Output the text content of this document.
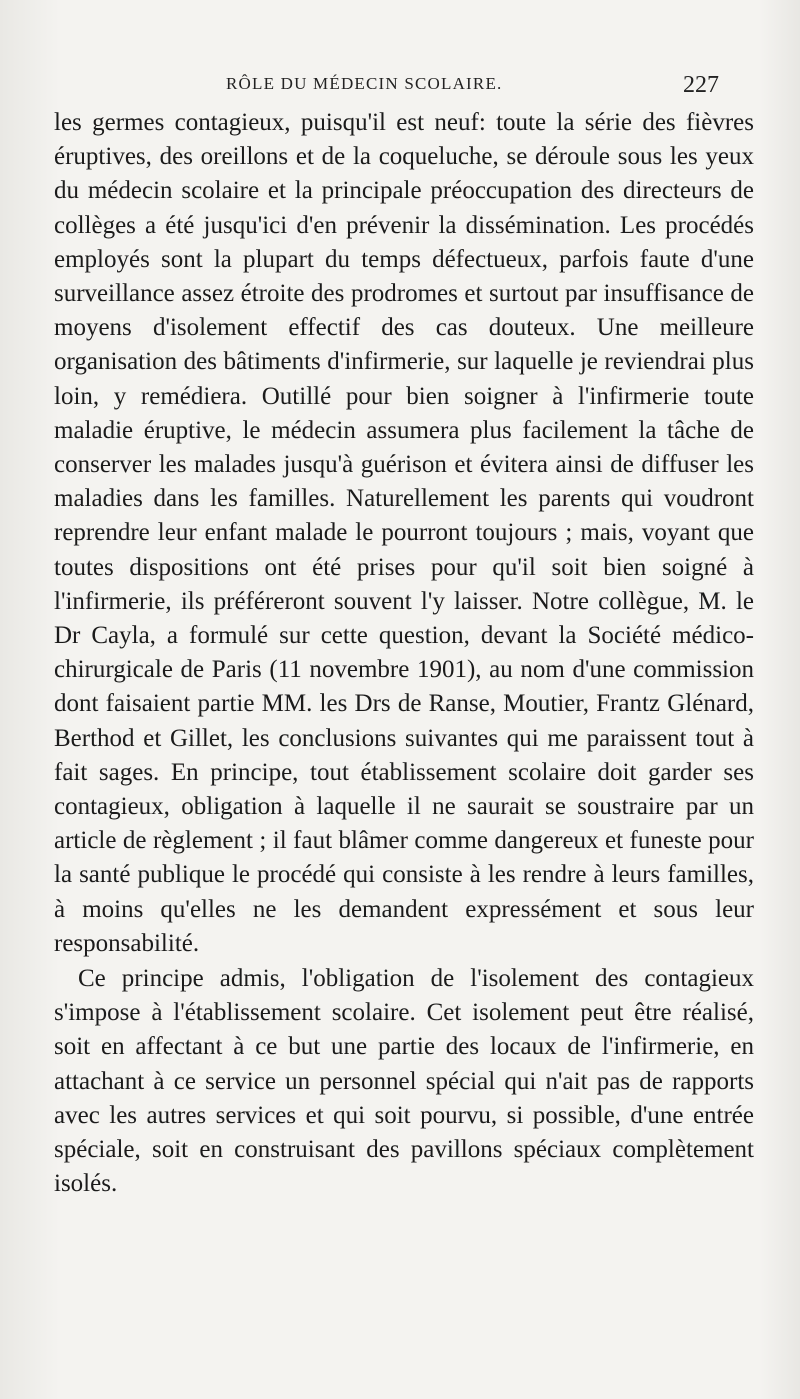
RÔLE DU MÉDECIN SCOLAIRE.	227

les germes contagieux, puisqu'il est neuf: toute la série des fièvres éruptives, des oreillons et de la coqueluche, se déroule sous les yeux du médecin scolaire et la principale préoccupation des directeurs de collèges a été jusqu'ici d'en prévenir la dissémination. Les procédés employés sont la plupart du temps défectueux, parfois faute d'une surveillance assez étroite des prodromes et surtout par insuffisance de moyens d'isolement effectif des cas douteux. Une meilleure organisation des bâtiments d'infirmerie, sur laquelle je reviendrai plus loin, y remédiera. Outillé pour bien soigner à l'infirmerie toute maladie éruptive, le médecin assumera plus facilement la tâche de conserver les malades jusqu'à guérison et évitera ainsi de diffuser les maladies dans les familles. Naturellement les parents qui voudront reprendre leur enfant malade le pourront toujours ; mais, voyant que toutes dispositions ont été prises pour qu'il soit bien soigné à l'infirmerie, ils préféreront souvent l'y laisser. Notre collègue, M. le Dr Cayla, a formulé sur cette question, devant la Société médico-chirurgicale de Paris (11 novembre 1901), au nom d'une commission dont faisaient partie MM. les Drs de Ranse, Moutier, Frantz Glénard, Berthod et Gillet, les conclusions suivantes qui me paraissent tout à fait sages. En principe, tout établissement scolaire doit garder ses contagieux, obligation à laquelle il ne saurait se soustraire par un article de règlement ; il faut blâmer comme dangereux et funeste pour la santé publique le procédé qui consiste à les rendre à leurs familles, à moins qu'elles ne les demandent expressément et sous leur responsabilité.

Ce principe admis, l'obligation de l'isolement des contagieux s'impose à l'établissement scolaire. Cet isolement peut être réalisé, soit en affectant à ce but une partie des locaux de l'infirmerie, en attachant à ce service un personnel spécial qui n'ait pas de rapports avec les autres services et qui soit pourvu, si possible, d'une entrée spéciale, soit en construisant des pavillons spéciaux complètement isolés.
